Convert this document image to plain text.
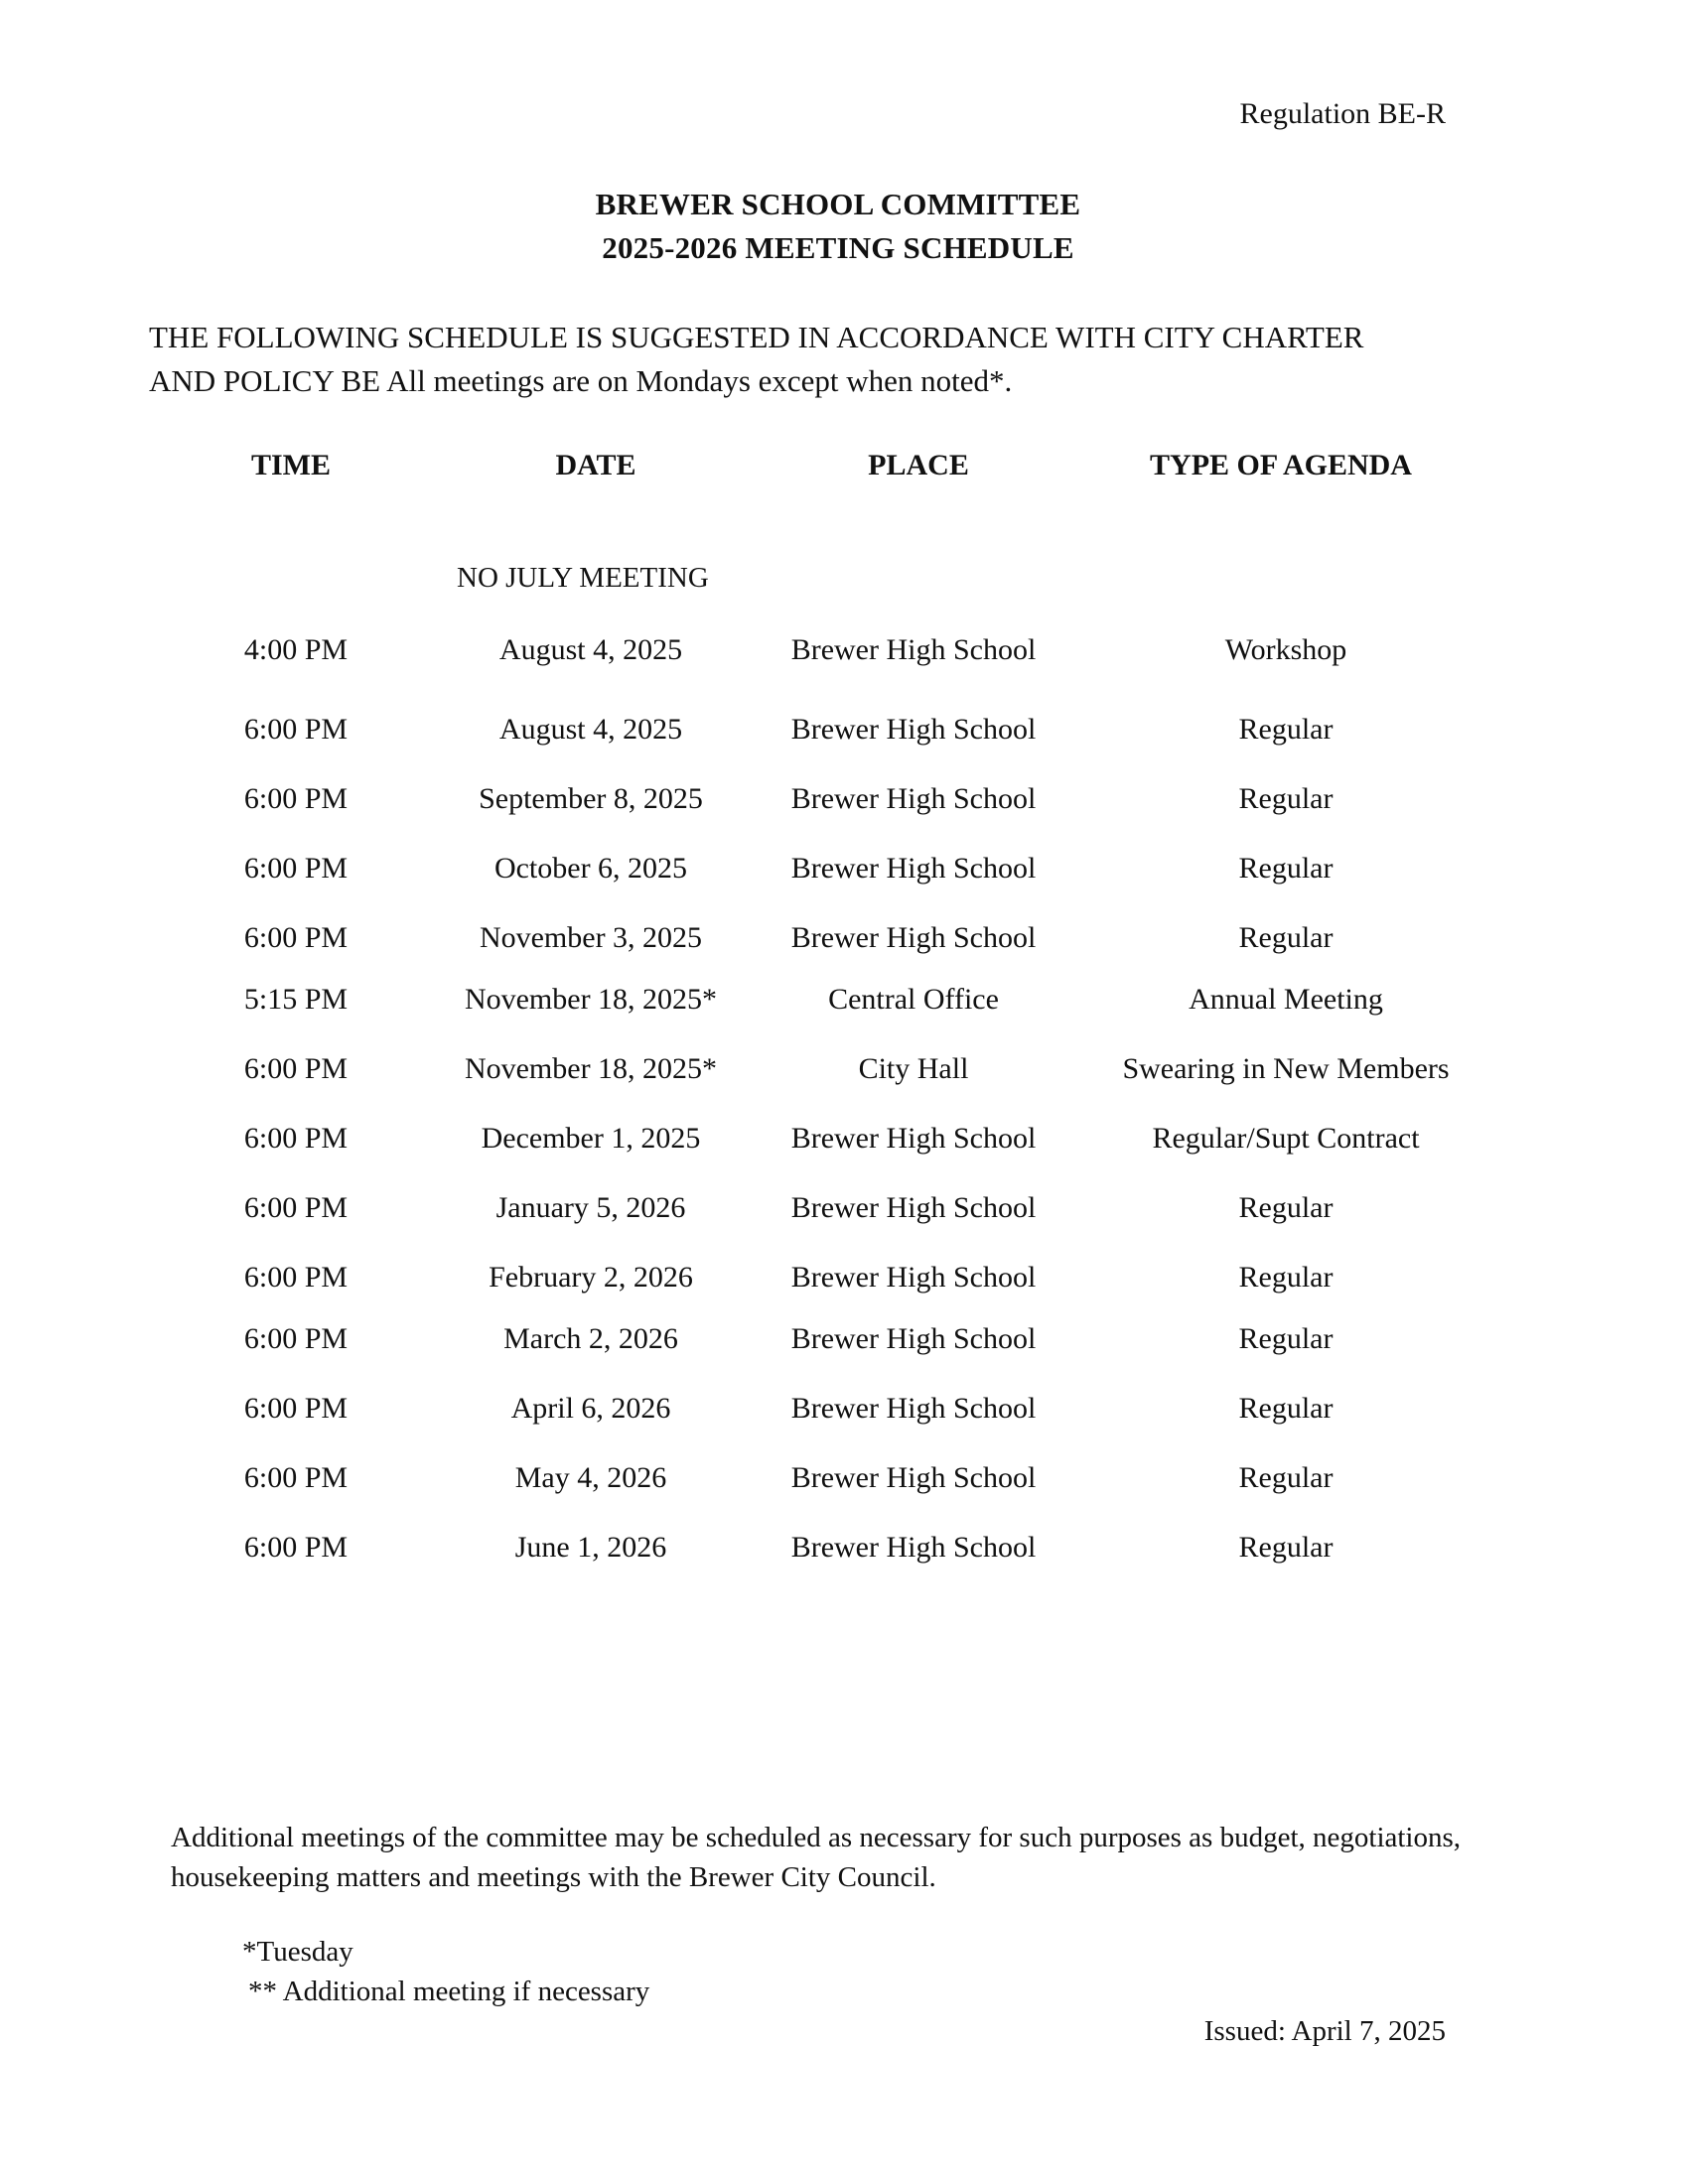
Regulation BE-R
BREWER SCHOOL COMMITTEE
2025-2026 MEETING SCHEDULE
THE FOLLOWING SCHEDULE IS SUGGESTED IN ACCORDANCE WITH CITY CHARTER
AND POLICY BE All meetings are on Mondays except when noted*.
TIME	DATE	PLACE	TYPE OF AGENDA
NO JULY MEETING
4:00 PM	August 4, 2025	Brewer High School	Workshop
6:00 PM	August 4, 2025	Brewer High School	Regular
6:00 PM	September 8, 2025	Brewer High School	Regular
6:00 PM	October 6, 2025	Brewer High School	Regular
6:00 PM	November 3, 2025	Brewer High School	Regular
5:15 PM	November 18, 2025*	Central Office	Annual Meeting
6:00 PM	November 18, 2025*	City Hall	Swearing in New Members
6:00 PM	December 1, 2025	Brewer High School	Regular/Supt Contract
6:00 PM	January 5, 2026	Brewer High School	Regular
6:00 PM	February 2, 2026	Brewer High School	Regular
6:00 PM	March 2, 2026	Brewer High School	Regular
6:00 PM	April 6, 2026	Brewer High School	Regular
6:00 PM	May 4, 2026	Brewer High School	Regular
6:00 PM	June 1, 2026	Brewer High School	Regular
Additional meetings of the committee may be scheduled as necessary for such purposes as budget, negotiations,
housekeeping matters and meetings with the Brewer City Council.
*Tuesday
** Additional meeting if necessary
Issued: April 7, 2025
